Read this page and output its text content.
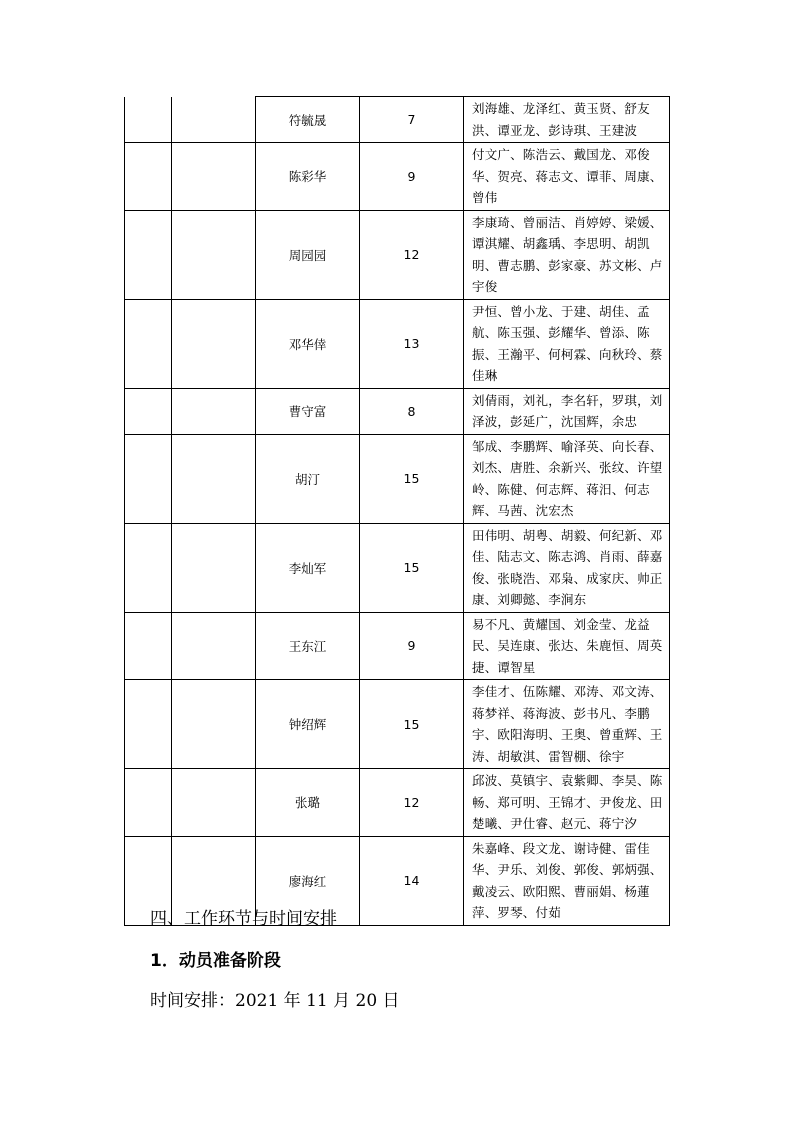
		符毓晟	7	刘海雄、龙泽红、黄玉贤、舒友洪、谭亚龙、彭诗琪、王建波
		陈彩华	9	付文广、陈浩云、戴国龙、邓俊华、贺亮、蒋志文、谭菲、周康、曾伟
		周园园	12	李康琦、曾丽洁、肖婷婷、梁媛、谭淇耀、胡鑫瑀、李思明、胡凯明、曹志鹏、彭家豪、苏文彬、卢宇俊
		邓华倖	13	尹恒、曾小龙、于建、胡佳、孟航、陈玉强、彭耀华、曾添、陈振、王瀚平、何柯霖、向秋玲、蔡佳琳
		曹守富	8	刘倩雨，刘礼，李名轩，罗琪，刘泽波，彭延广，沈国辉，余忠
		胡汀	15	邹成、李鹏辉、喻泽英、向长春、刘杰、唐胜、余新兴、张纹、许望岭、陈健、何志辉、蒋汨、何志辉、马茜、沈宏杰
		李灿军	15	田伟明、胡粤、胡毅、何纪新、邓佳、陆志文、陈志鸿、肖雨、薛嘉俊、张晓浩、邓枭、成家庆、帅正康、刘卿懿、李涧东
		王东江	9	易不凡、黄耀国、刘金莹、龙益民、吴连康、张达、朱鹿恒、周英捷、谭智星
		钟绍辉	15	李佳才、伍陈耀、邓涛、邓文涛、蒋梦祥、蒋海波、彭书凡、李鹏宇、欧阳海明、王奥、曾重辉、王涛、胡敏淇、雷智棚、徐宇
		张璐	12	邱波、莫镇宇、袁紫卿、李昊、陈畅、郑可明、王锦才、尹俊龙、田楚曦、尹仕睿、赵元、蒋宁汐
		廖海红	14	朱嘉峰、段文龙、谢诗健、雷佳华、尹乐、刘俊、郭俊、郭炳强、戴凌云、欧阳熙、曹丽娟、杨蓮萍、罗琴、付茹
四、工作环节与时间安排
1．动员准备阶段
时间安排：2021 年 11 月 20 日
